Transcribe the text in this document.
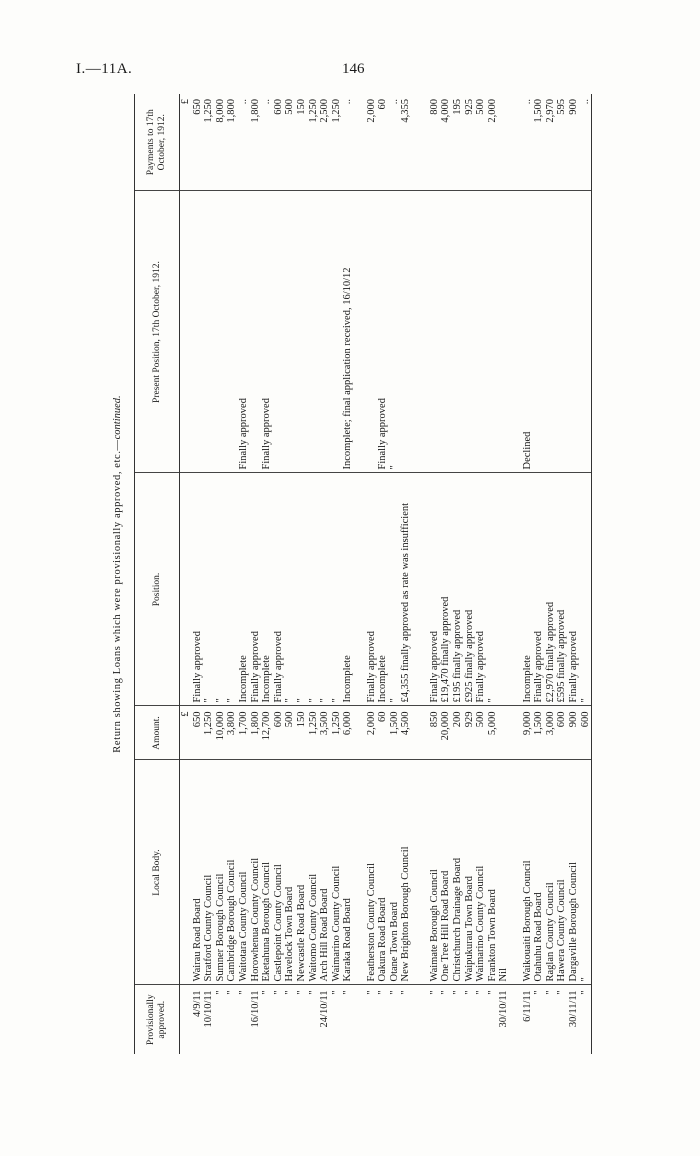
I.—11A.	146
Return showing Loans which were provisionally approved, etc.—continued.
Provisionally approved.	Local Body.	Amount.	Position.	Present Position, 17th October, 1912.	Payments to 17th October, 1912.
		£			£
4/9/11	Wairau Road Board	650	Finally approved		650
10/10/11	Stratford County Council	1,250	"		1,250
"	Sumner Borough Council	10,000	"		8,000
"	Cambridge Borough Council	3,800	"		1,800
"	Waitotara County Council	1,700	Incomplete	Finally approved	..
16/10/11	Horowhenua County Council	1,800	Finally approved		1,800
"	Eketahuna Borough Council	12,700	Incomplete	Finally approved	..
"	Castlepoint County Council	600	Finally approved		600
"	Havelock Town Board	500	"		500
"	Newcastle Road Board	150	"		150
"	Waitomo County Council	1,250	"		1,250
24/10/11	Arch Hill Road Board	3,500	"		2,500
"	Waimarino County Council	1,250	"		1,250
"	Karaka Road Board	6,000	Incomplete	Incomplete; final application received, 16/10/12	..

"	Featherston County Council	2,000	Finally approved		2,000
"	Oakura Road Board	60	Incomplete	Finally approved	60
"	Otane Town Board	1,500	"	"	..
"	New Brighton Borough Council	4,500	£4,355 finally approved as rate was insufficient		4,355

"	Waimate Borough Council	850	Finally approved		800
"	One Tree Hill Road Board	20,000	£19,470 finally approved		4,000
"	Christchurch Drainage Board	200	£195 finally approved		195
"	Waipukurau Town Board	929	£925 finally approved		925
"	Waimarino County Council	500	Finally approved		500
"	Frankton Town Board	5,000	"		2,000
30/10/11	Nil				

6/11/11	Waikouaiti Borough Council	9,000	Incomplete	Declined	..
"	Otahuhu Road Board	1,500	Finally approved		1,500
"	Raglan County Council	3,000	£2,970 finally approved		2,970
"	Hawera County Council	600	£595 finally approved		595
30/11/11	Dargaville Borough Council	900	Finally approved		900
"	"	600	"		..
